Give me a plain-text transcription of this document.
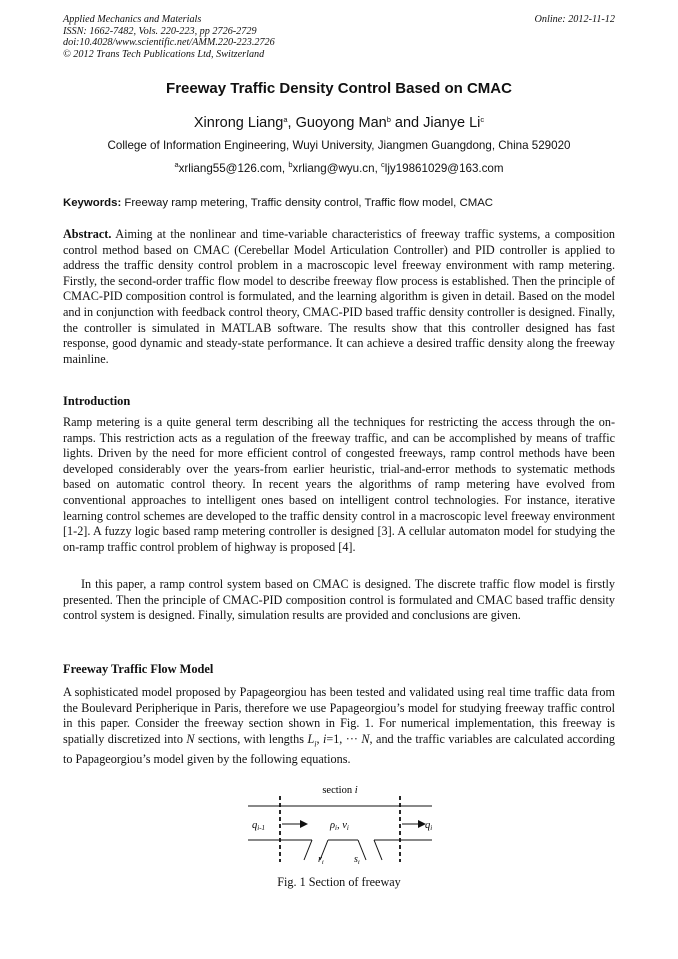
Applied Mechanics and Materials
ISSN: 1662-7482, Vols. 220-223, pp 2726-2729
doi:10.4028/www.scientific.net/AMM.220-223.2726
© 2012 Trans Tech Publications Ltd, Switzerland
Online: 2012-11-12
Freeway Traffic Density Control Based on CMAC
Xinrong Liang$^a$, Guoyong Man$^b$ and Jianye Li$^c$
College of Information Engineering, Wuyi University, Jiangmen Guangdong, China 529020
$^a$xrliang55@126.com, $^b$xrliang@wyu.cn, $^c$ljy19861029@163.com
Keywords: Freeway ramp metering, Traffic density control, Traffic flow model, CMAC

Abstract. Aiming at the nonlinear and time-variable characteristics of freeway traffic systems, a composition control method based on CMAC (Cerebellar Model Articulation Controller) and PID controller is applied to address the traffic density control problem in a macroscopic level freeway environment with ramp metering. Firstly, the second-order traffic flow model to describe freeway flow process is established. Then the principle of CMAC-PID composition control is formulated, and the learning algorithm is given in detail. Based on the model and in conjunction with feedback control theory, CMAC-PID based traffic density controller is designed. Finally, the controller is simulated in MATLAB software. The results show that this controller designed has fast response, good dynamic and steady-state performance. It can achieve a desired traffic density along the freeway mainline.

Introduction

Ramp metering is a quite general term describing all the techniques for restricting the access through the on-ramps. This restriction acts as a regulation of the freeway traffic, and can be accomplished by means of traffic lights. Driven by the need for more efficient control of congested freeways, ramp control methods have been developed considerably over the years-from earlier heuristic, trial-and-error methods to systematic methods based on automatic control theory. In recent years the algorithms of ramp metering have evolved from conventional approaches to intelligent ones based on intelligent control technologies. For instance, iterative learning control schemes are developed to the traffic density control in a macroscopic level freeway environment [1-2]. A fuzzy logic based ramp metering controller is designed [3]. A cellular automaton model for studying the on-ramp traffic control problem of highway is proposed [4].

In this paper, a ramp control system based on CMAC is designed. The discrete traffic flow model is firstly presented. Then the principle of CMAC-PID composition control is formulated and CMAC based traffic density control system is designed. Finally, simulation results are provided and conclusions are given.

Freeway Traffic Flow Model

A sophisticated model proposed by Papageorgiou has been tested and validated using real time traffic data from the Boulevard Peripherique in Paris, therefore we use Papageorgiou’s model for studying freeway traffic control in this paper. Consider the freeway section shown in Fig. 1. For numerical implementation, this freeway is spatially discretized into N sections, with lengths $L_i$, i=1, ··· N, and the traffic variables are calculated according to Papageorgiou’s model given by the following equations.

section i
qi-1	ρi, vi	qi
$r_i$	$s_i$
Fig. 1 Section of freeway
